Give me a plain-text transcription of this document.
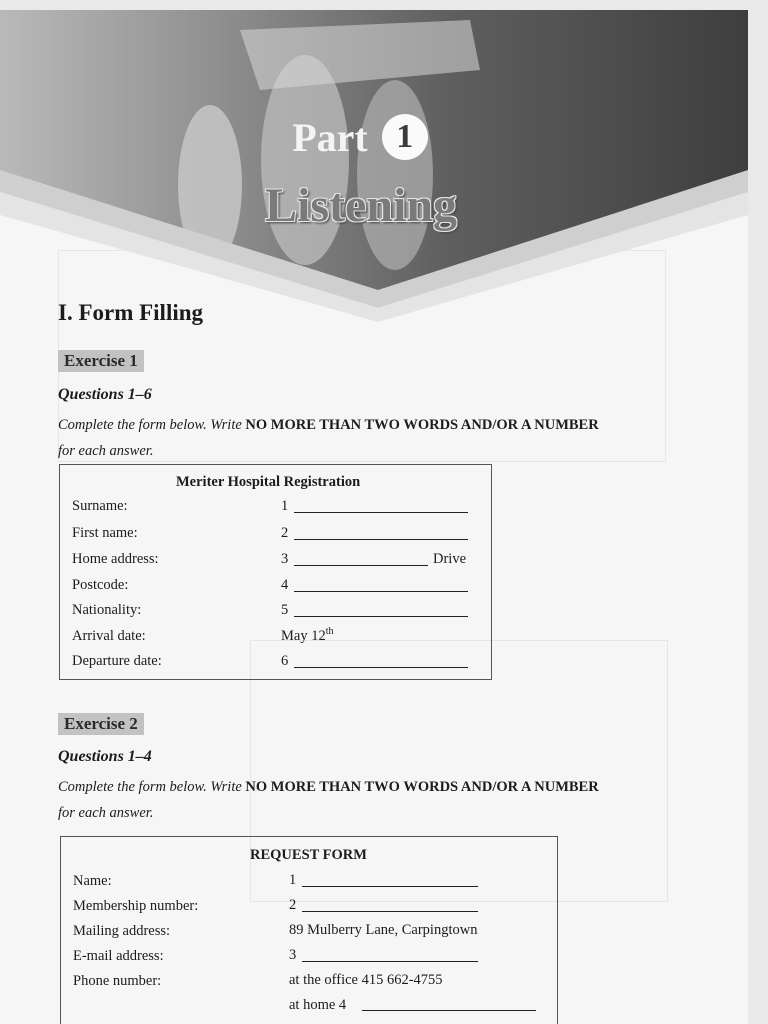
Part 1
Listening
I. Form Filling
Exercise 1
Questions 1–6
Complete the form below. Write NO MORE THAN TWO WORDS AND/OR A NUMBER
for each answer.
Meriter Hospital Registration
Surname:	1
First name:	2
Home address:	3	Drive
Postcode:	4
Nationality:	5
Arrival date:	May 12th
Departure date:	6
Exercise 2
Questions 1–4
Complete the form below. Write NO MORE THAN TWO WORDS AND/OR A NUMBER
for each answer.
REQUEST FORM
Name:	1
Membership number:	2
Mailing address:	89 Mulberry Lane, Carpingtown
E-mail address:	3
Phone number:	at the office 415 662-4755
at home 4
